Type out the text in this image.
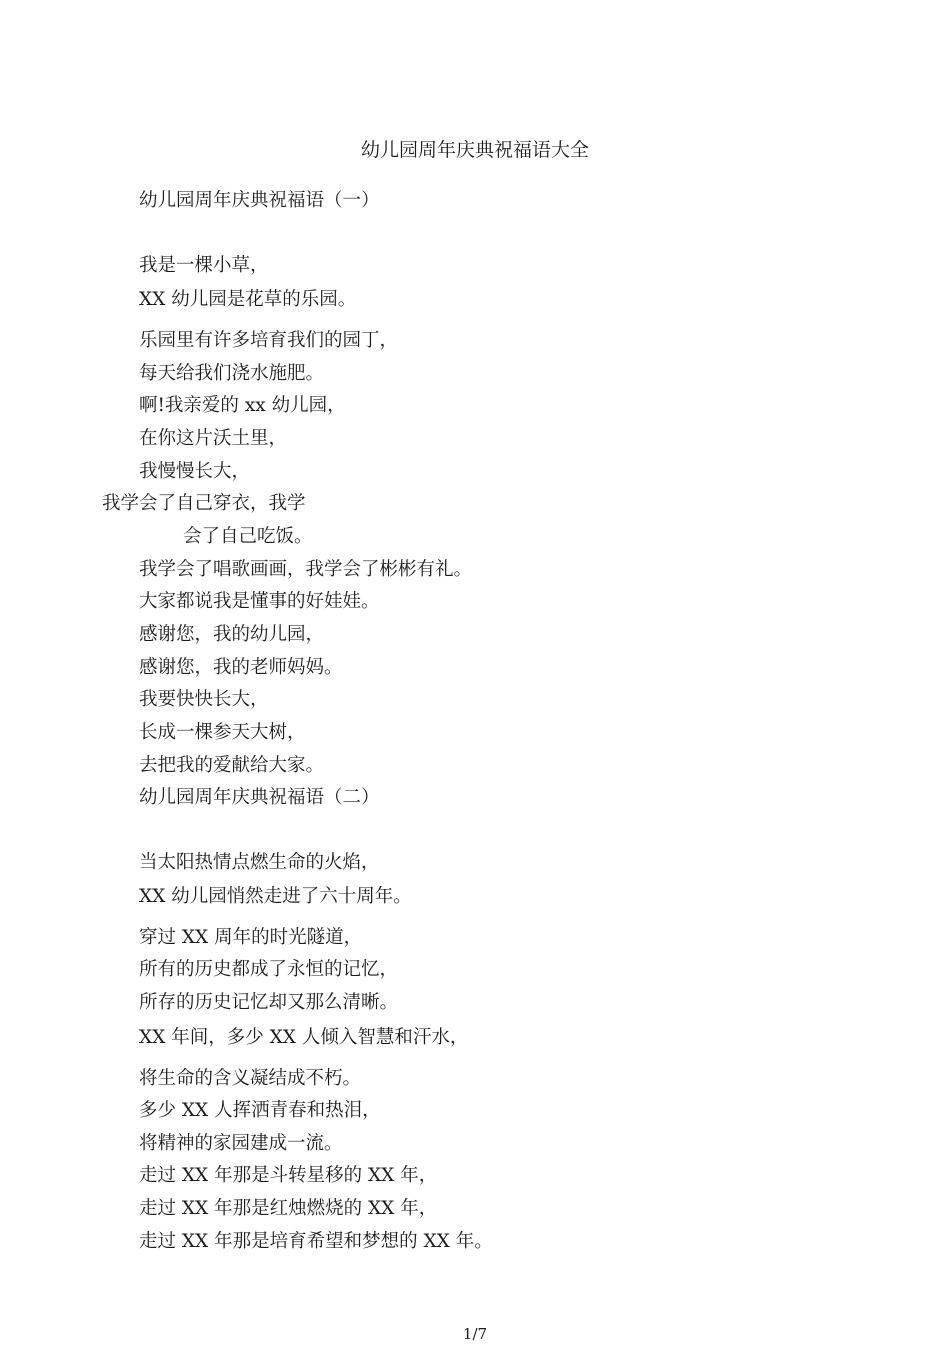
幼儿园周年庆典祝福语大全
幼儿园周年庆典祝福语（一）
我是一棵小草，
XX 幼儿园是花草的乐园。
乐园里有许多培育我们的园丁，
每天给我们浇水施肥。
啊!我亲爱的 xx 幼儿园，
在你这片沃土里，
我慢慢长大，
我学会了自己穿衣，我学
会了自己吃饭。
我学会了唱歌画画，我学会了彬彬有礼。
大家都说我是懂事的好娃娃。
感谢您，我的幼儿园，
感谢您，我的老师妈妈。
我要快快长大，
长成一棵参天大树，
去把我的爱献给大家。
幼儿园周年庆典祝福语（二）
当太阳热情点燃生命的火焰，
XX 幼儿园悄然走进了六十周年。
穿过 XX 周年的时光隧道，
所有的历史都成了永恒的记忆，
所存的历史记忆却又那么清晰。
XX 年间，多少 XX 人倾入智慧和汗水，
将生命的含义凝结成不朽。
多少 XX 人挥洒青春和热泪，
将精神的家园建成一流。
走过 XX 年那是斗转星移的 XX 年，
走过 XX 年那是红烛燃烧的 XX 年，
走过 XX 年那是培育希望和梦想的 XX 年。
1/7
